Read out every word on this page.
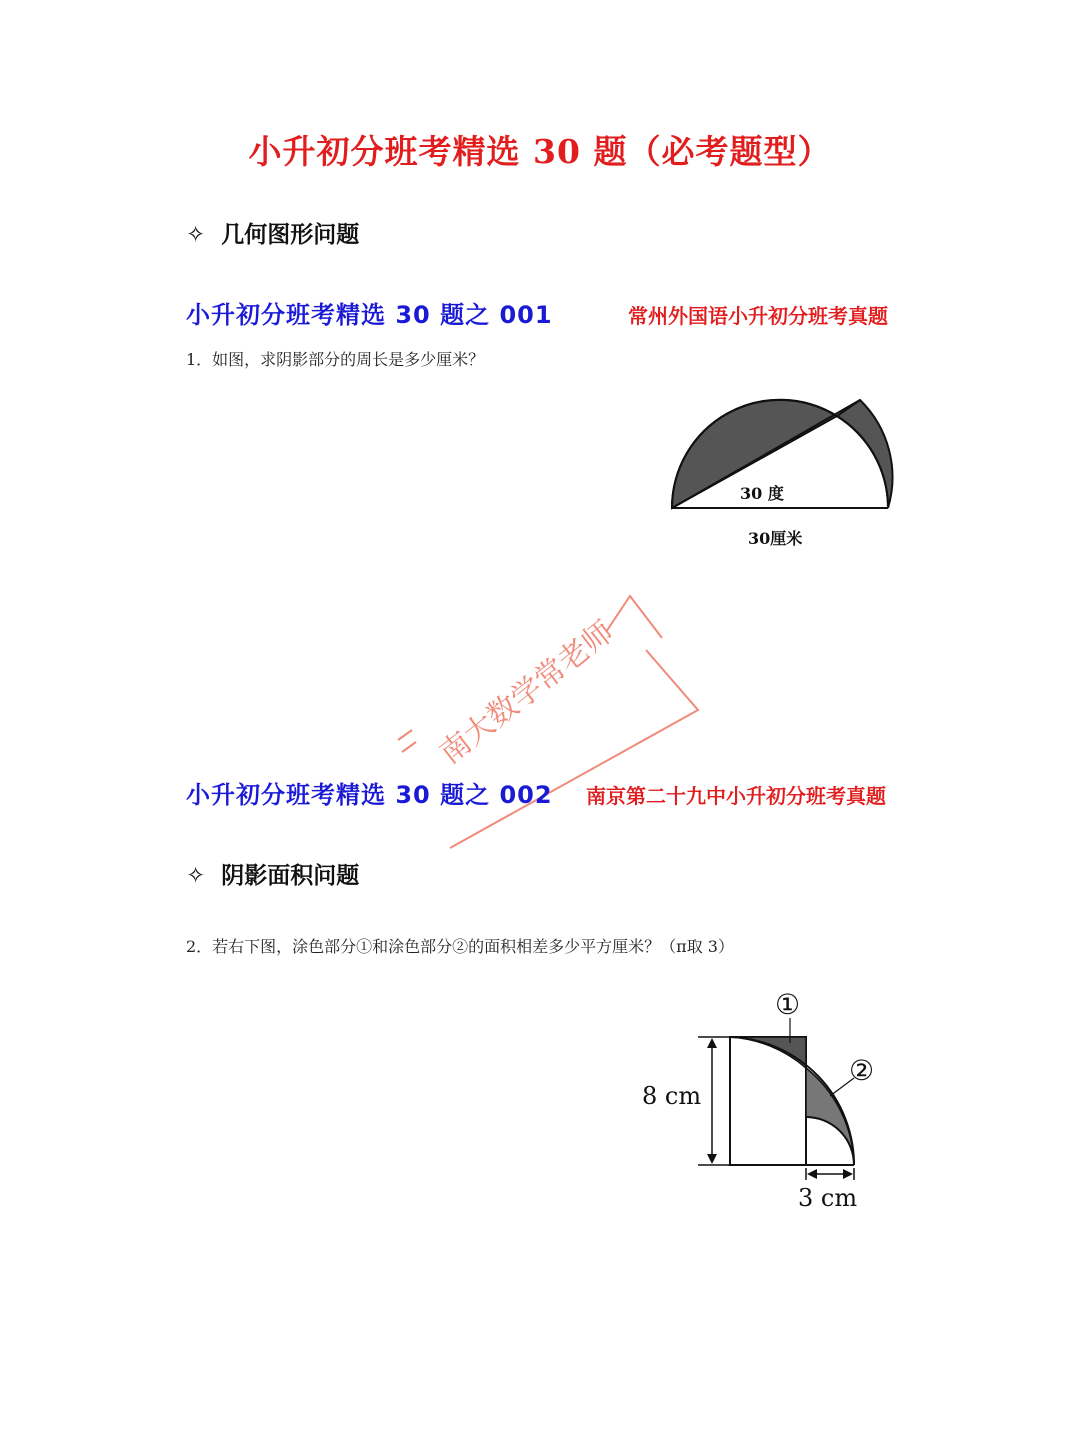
小升初分班考精选 30 题（必考题型）
✧ 几何图形问题
小升初分班考精选 30 题之 001	常州外国语小升初分班考真题
1．如图，求阴影部分的周长是多少厘米？
30 度
30厘米
南大数学常老师
小升初分班考精选 30 题之 002 南京第二十九中小升初分班考真题
✧ 阴影面积问题
2．若右下图，涂色部分①和涂色部分②的面积相差多少平方厘米？（π取 3）
8 cm
3 cm
①
②
